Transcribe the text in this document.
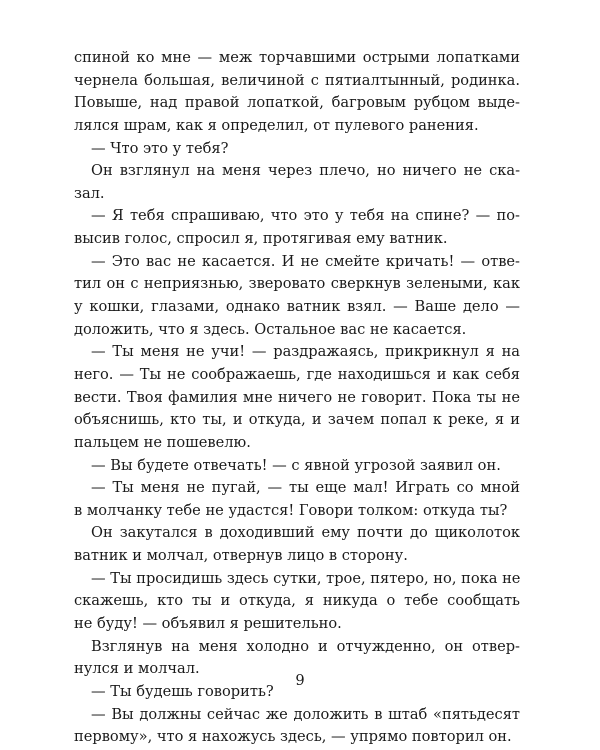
спиной ко мне — меж торчавшими острыми лопатками
чернела большая, величиной с пятиалтынный, родинка.
Повыше, над правой лопаткой, багровым рубцом выде-
лялся шрам, как я определил, от пулевого ранения.
— Что это у тебя?
Он взглянул на меня через плечо, но ничего не ска-
зал.
— Я тебя спрашиваю, что это у тебя на спине? — по-
высив голос, спросил я, протягивая ему ватник.
— Это вас не касается. И не смейте кричать! — отве-
тил он с неприязнью, зверовато сверкнув зелеными, как
у кошки, глазами, однако ватник взял. — Ваше дело —
доложить, что я здесь. Остальное вас не касается.
— Ты меня не учи! — раздражаясь, прикрикнул я на
него. — Ты не соображаешь, где находишься и как себя
вести. Твоя фамилия мне ничего не говорит. Пока ты не
объяснишь, кто ты, и откуда, и зачем попал к реке, я и
пальцем не пошевелю.
— Вы будете отвечать! — с явной угрозой заявил он.
— Ты меня не пугай, — ты еще мал! Играть со мной
в молчанку тебе не удастся! Говори толком: откуда ты?
Он закутался в доходивший ему почти до щиколоток
ватник и молчал, отвернув лицо в сторону.
— Ты просидишь здесь сутки, трое, пятеро, но, пока не
скажешь, кто ты и откуда, я никуда о тебе сообщать
не буду! — объявил я решительно.
Взглянув на меня холодно и отчужденно, он отвер-
нулся и молчал.
— Ты будешь говорить?
— Вы должны сейчас же доложить в штаб «пятьдесят
первому», что я нахожусь здесь, — упрямо повторил он.
9
